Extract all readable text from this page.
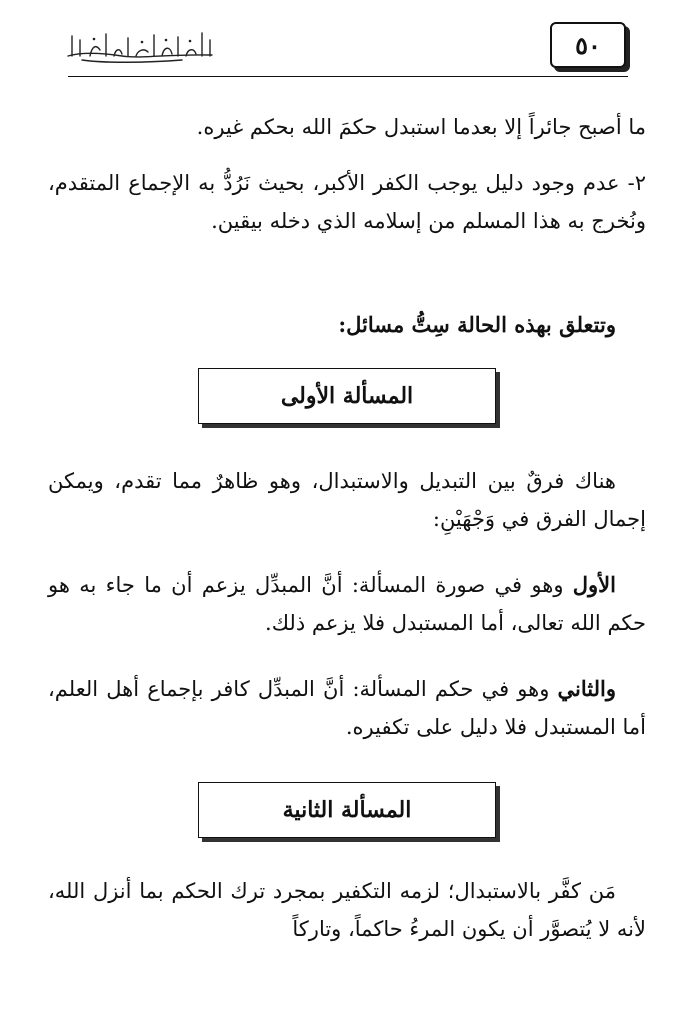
٥٠
ما أصبح جائراً إلا بعدما استبدل حكمَ الله بحكم غيره.
٢- عدم وجود دليل يوجب الكفر الأكبر، بحيث نَرُدُّ به الإجماع المتقدم، ونُخرج به هذا المسلم من إسلامه الذي دخله بيقين.
وتتعلق بهذه الحالة سِتُّ مسائل:
المسألة الأولى
هناك فرقٌ بين التبديل والاستبدال، وهو ظاهرٌ مما تقدم، ويمكن إجمال الفرق في وَجْهَيْنِ:
الأول وهو في صورة المسألة: أنَّ المبدِّل يزعم أن ما جاء به هو حكم الله تعالى، أما المستبدل فلا يزعم ذلك.
والثاني وهو في حكم المسألة: أنَّ المبدِّل كافر بإجماع أهل العلم، أما المستبدل فلا دليل على تكفيره.
المسألة الثانية
مَن كفَّر بالاستبدال؛ لزمه التكفير بمجرد ترك الحكم بما أنزل الله، لأنه لا يُتصوَّر أن يكون المرءُ حاكماً، وتاركاً
